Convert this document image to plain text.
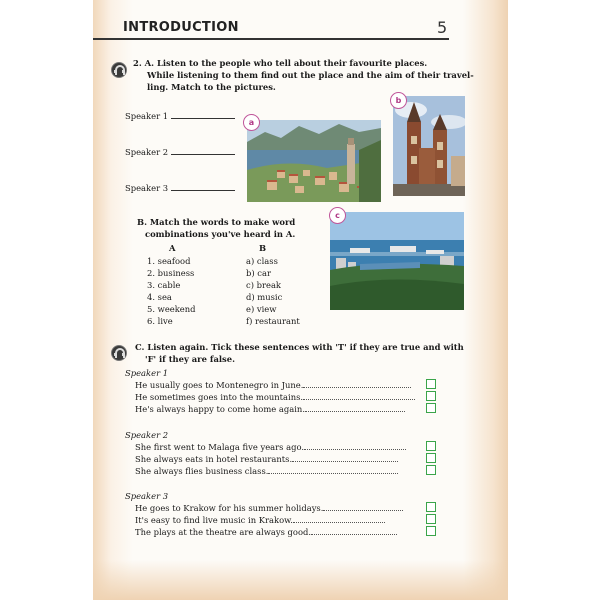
INTRODUCTION	5
2. A. Listen to the people who tell about their favourite places.
While listening to them find out the place and the aim of their travel-
ling. Match to the pictures.
Speaker 1
Speaker 2
Speaker 3
a
b
B. Match the words to make word
combinations you've heard in A.
A	B
1. seafood
2. business
3. cable
4. sea
5. weekend
6. live
a) class
b) car
c) break
d) music
e) view
f) restaurant
c
C. Listen again. Tick these sentences with 'T' if they are true and with
'F' if they are false.
Speaker 1
He usually goes to Montenegro in June.
He sometimes goes into the mountains.
He's always happy to come home again.
Speaker 2
She first went to Malaga five years ago.
She always eats in hotel restaurants.
She always flies business class.
Speaker 3
He goes to Krakow for his summer holidays.
It's easy to find live music in Krakow.
The plays at the theatre are always good.
